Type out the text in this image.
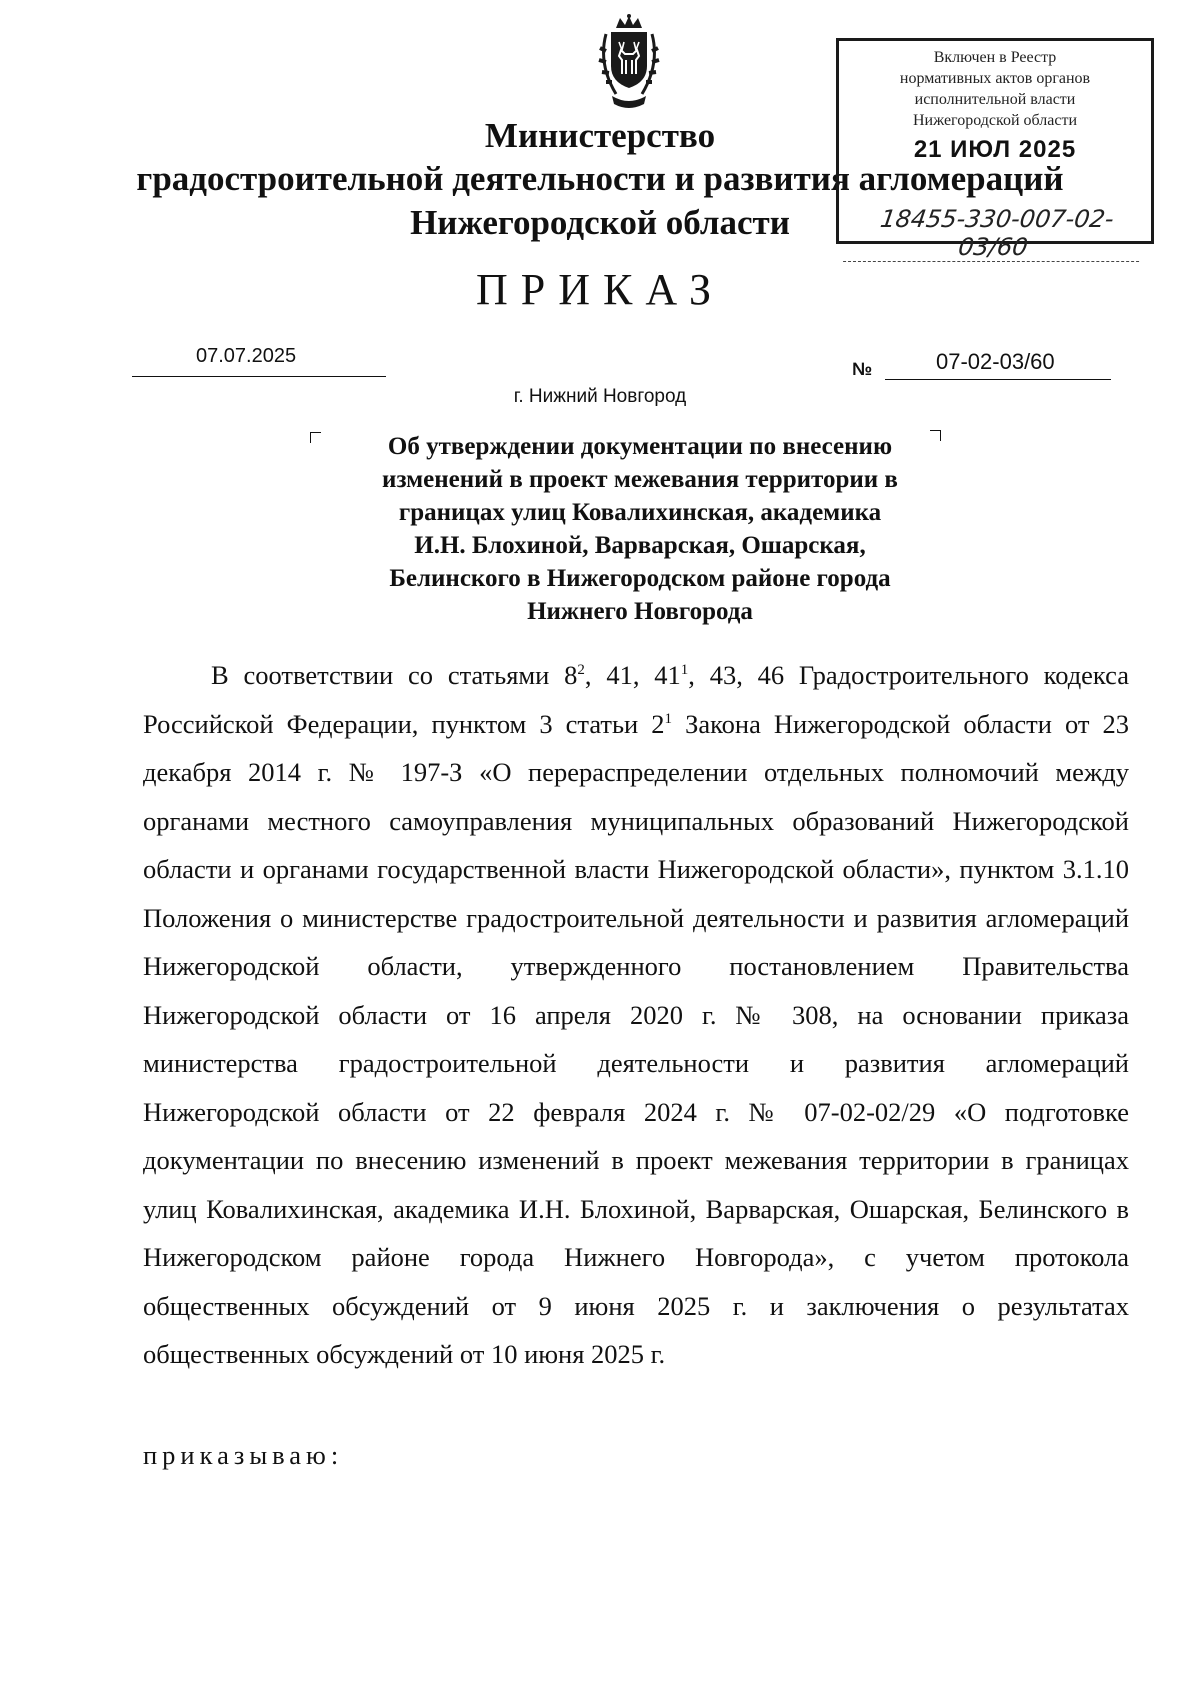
Министерство
градостроительной деятельности и развития агломераций
Нижегородской области
Включен в Реестр
нормативных актов органов
исполнительной власти
Нижегородской области
21 ИЮЛ 2025
18455-330-007-02-03/60
ПРИКАЗ
07.07.2025
№	07-02-03/60
г. Нижний Новгород
Об утверждении документации по внесению
изменений в проект межевания территории в
границах улиц Ковалихинская, академика
И.Н. Блохиной, Варварская, Ошарская,
Белинского в Нижегородском районе города
Нижнего Новгорода
В соответствии со статьями $8^2$, 41, $41^1$, 43, 46 Градостроительного кодекса Российской Федерации, пунктом 3 статьи $2^1$ Закона Нижегородской области от 23 декабря 2014 г. № 197-З «О перераспределении отдельных полномочий между органами местного самоуправления муниципальных образований Нижегородской области и органами государственной власти Нижегородской области», пунктом 3.1.10 Положения о министерстве градостроительной деятельности и развития агломераций Нижегородской области, утвержденного постановлением Правительства Нижегородской области от 16 апреля 2020 г. № 308, на основании приказа министерства градостроительной деятельности и развития агломераций Нижегородской области от 22 февраля 2024 г. № 07-02-02/29 «О подготовке документации по внесению изменений в проект межевания территории в границах улиц Ковалихинская, академика И.Н. Блохиной, Варварская, Ошарская, Белинского в Нижегородском районе города Нижнего Новгорода», с учетом протокола общественных обсуждений от 9 июня 2025 г. и заключения о результатах общественных обсуждений от 10 июня 2025 г.
приказываю:
